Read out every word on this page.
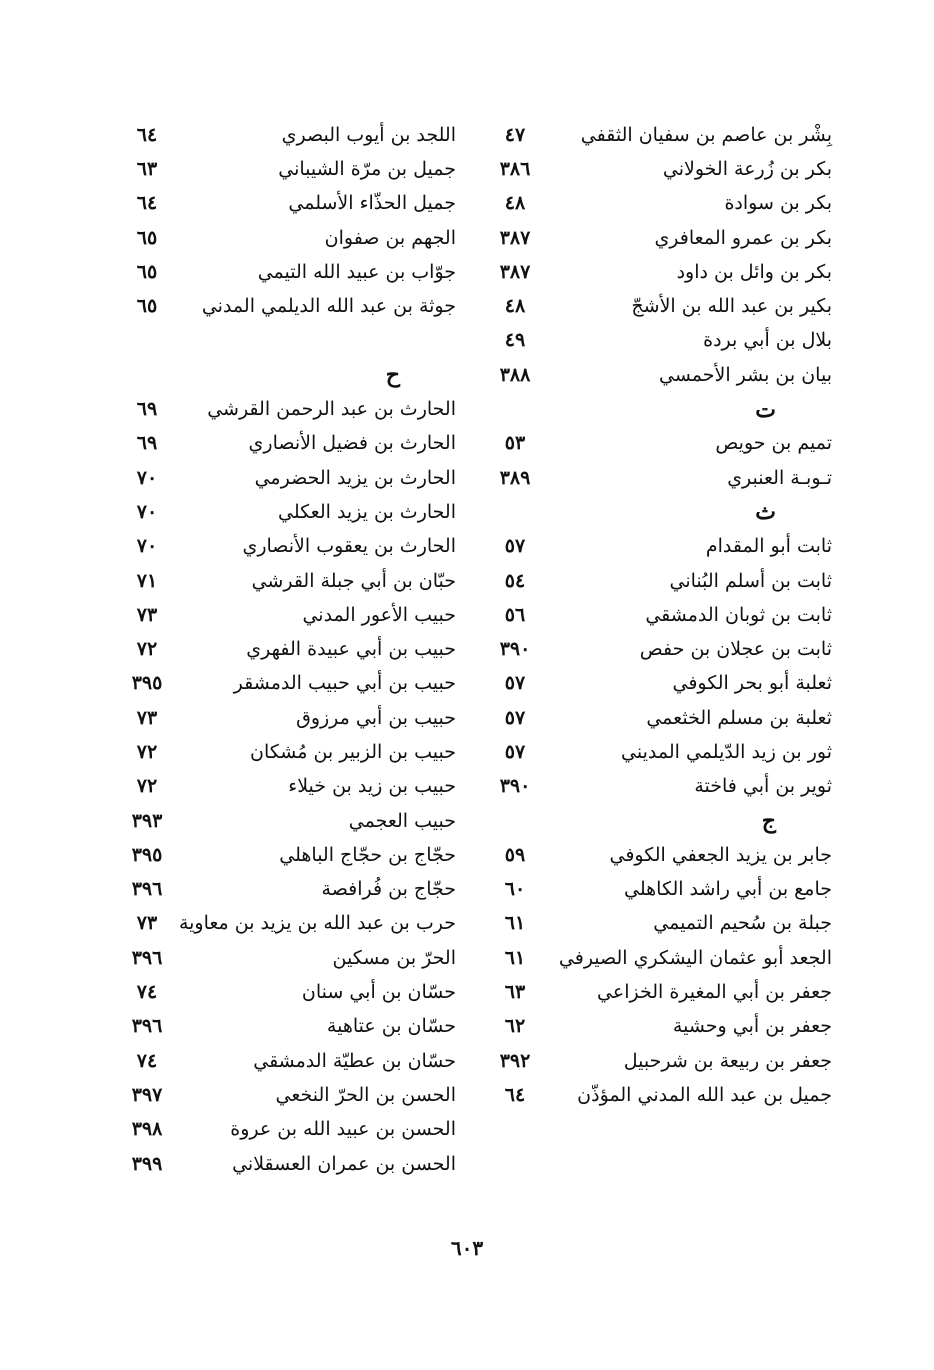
بِشْر بن عاصم بن سفيان الثقفي
٤٧
بكر بن زُرعة الخولاني
٣٨٦
بكر بن سوادة
٤٨
بكر بن عمرو المعافري
٣٨٧
بكر بن وائل بن داود
٣٨٧
بكير بن عبد الله بن الأشجّ
٤٨
بلال بن أبي بردة
٤٩
بيان بن بشر الأحمسي
٣٨٨
ت
تميم بن حويص
٥٣
تـوبـة العنبري
٣٨٩
ث
ثابت أبو المقدام
٥٧
ثابت بن أسلم البُناني
٥٤
ثابت بن ثوبان الدمشقي
٥٦
ثابت بن عجلان بن حفص
٣٩٠
ثعلبة أبو بحر الكوفي
٥٧
ثعلبة بن مسلم الخثعمي
٥٧
ثور بن زيد الدّيلمي المديني
٥٧
ثوير بن أبي فاختة
٣٩٠
ج
جابر بن يزيد الجعفي الكوفي
٥٩
جامع بن أبي راشد الكاهلي
٦٠
جبلة بن سُحيم التميمي
٦١
الجعد أبو عثمان اليشكري الصيرفي
٦١
جعفر بن أبي المغيرة الخزاعي
٦٣
جعفر بن أبي وحشية
٦٢
جعفر بن ربيعة بن شرحبيل
٣٩٢
جميل بن عبد الله المدني المؤذّن
٦٤
اللجد بن أيوب البصري
٦٤
جميل بن مرّة الشيباني
٦٣
جميل الحذّاء الأسلمي
٦٤
الجهم بن صفوان
٦٥
جوّاب بن عبيد الله التيمي
٦٥
جوثة بن عبد الله الديلمي المدني
٦٥
ح
الحارث بن عبد الرحمن القرشي
٦٩
الحارث بن فضيل الأنصاري
٦٩
الحارث بن يزيد الحضرمي
٧٠
الحارث بن يزيد العكلي
٧٠
الحارث بن يعقوب الأنصاري
٧٠
حبّان بن أبي جبلة القرشي
٧١
حبيب الأعور المدني
٧٣
حبيب بن أبي عبيدة الفهري
٧٢
حبيب بن أبي حبيب الدمشقر
٣٩٥
حبيب بن أبي مرزوق
٧٣
حبيب بن الزبير بن مُشكان
٧٢
حبيب بن زيد بن خيلاء
٧٢
حبيب العجمي
٣٩٣
حجّاج بن حجّاج الباهلي
٣٩٥
حجّاج بن فُرافصة
٣٩٦
حرب بن عبد الله بن يزيد بن معاوية
٧٣
الحرّ بن مسكين
٣٩٦
حسّان بن أبي سنان
٧٤
حسّان بن عتاهية
٣٩٦
حسّان بن عطيّة الدمشقي
٧٤
الحسن بن الحرّ النخعي
٣٩٧
الحسن بن عبيد الله بن عروة
٣٩٨
الحسن بن عمران العسقلاني
٣٩٩
٦٠٣
